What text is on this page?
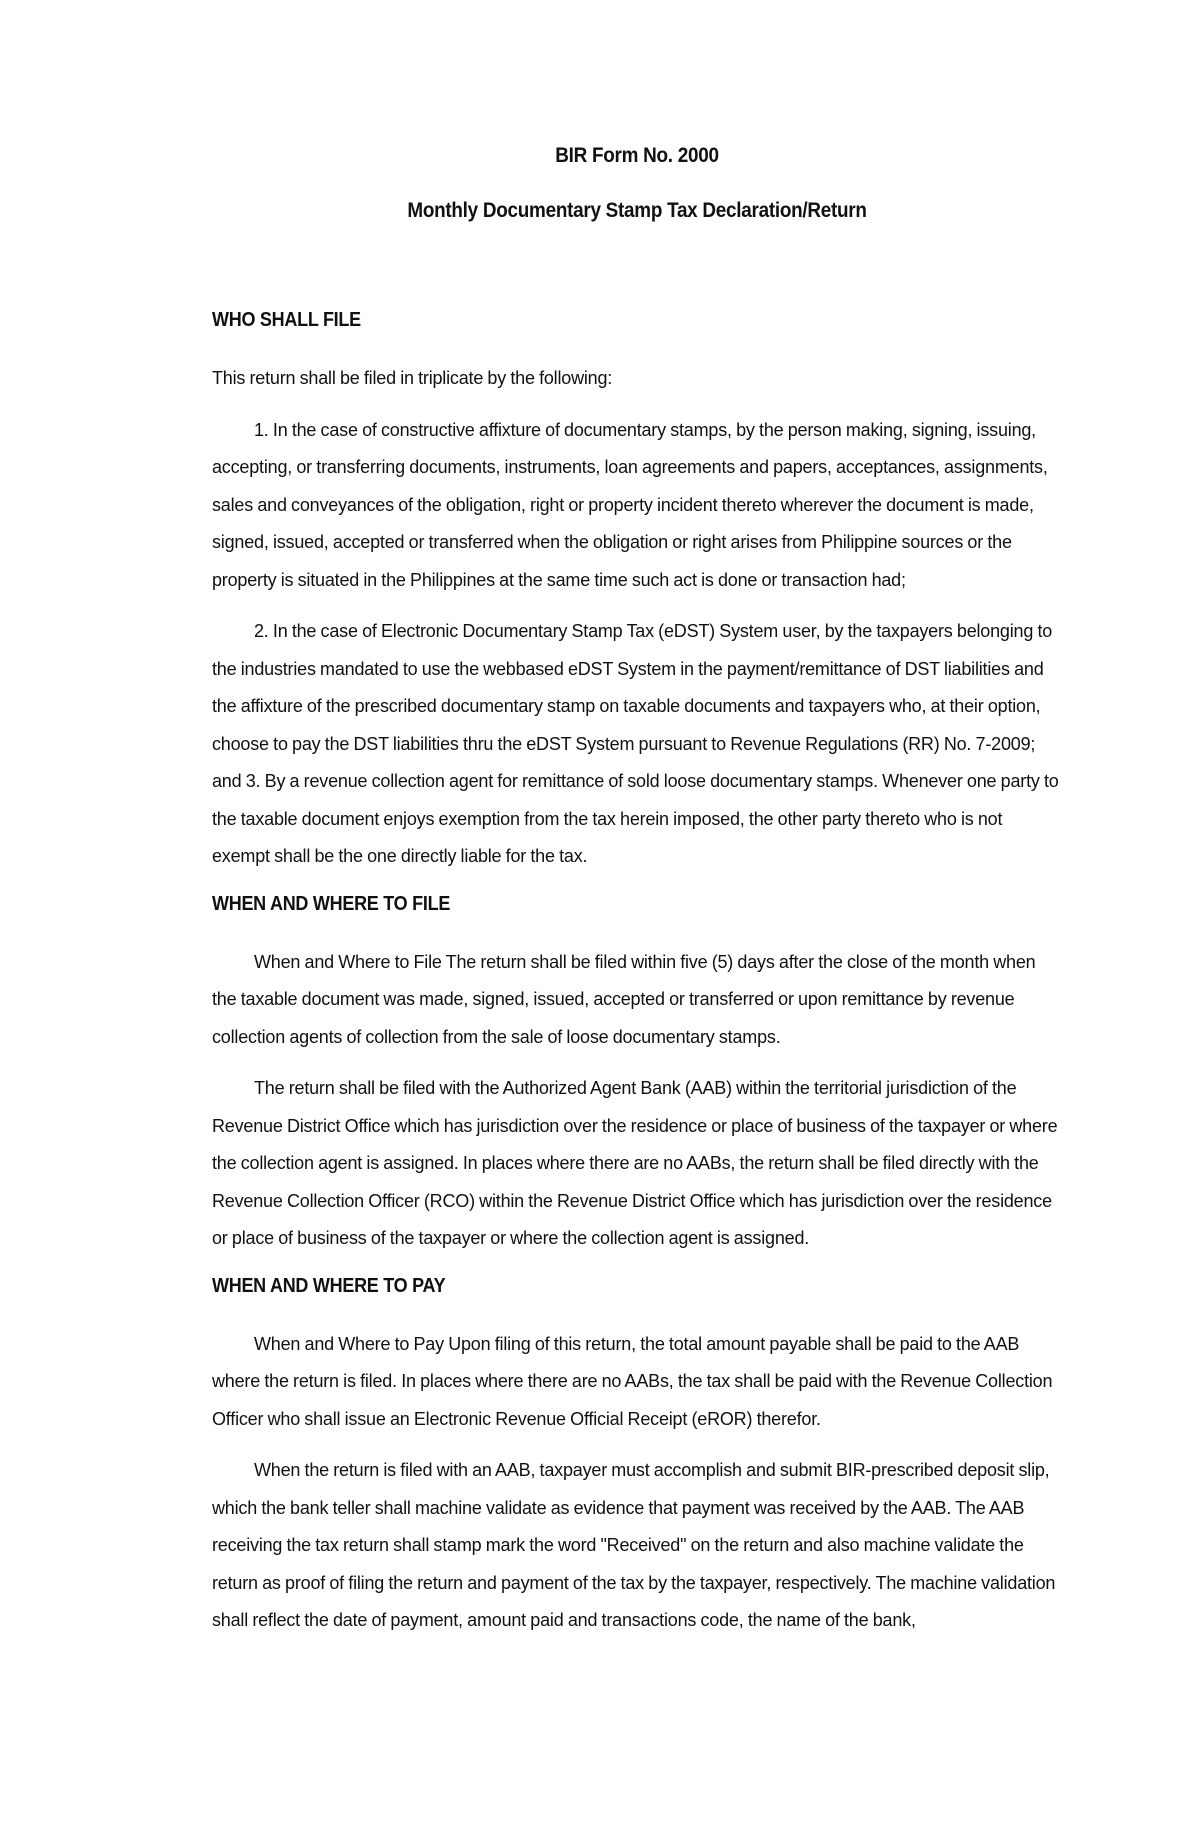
BIR Form No. 2000
Monthly Documentary Stamp Tax Declaration/Return
WHO SHALL FILE

This return shall be filed in triplicate by the following:

1. In the case of constructive affixture of documentary stamps, by the person making, signing, issuing, accepting, or transferring documents, instruments, loan agreements and papers, acceptances, assignments, sales and conveyances of the obligation, right or property incident thereto wherever the document is made, signed, issued, accepted or transferred when the obligation or right arises from Philippine sources or the property is situated in the Philippines at the same time such act is done or transaction had;

2. In the case of Electronic Documentary Stamp Tax (eDST) System user, by the taxpayers belonging to the industries mandated to use the webbased eDST System in the payment/remittance of DST liabilities and the affixture of the prescribed documentary stamp on taxable documents and taxpayers who, at their option, choose to pay the DST liabilities thru the eDST System pursuant to Revenue Regulations (RR) No. 7-2009; and 3. By a revenue collection agent for remittance of sold loose documentary stamps. Whenever one party to the taxable document enjoys exemption from the tax herein imposed, the other party thereto who is not exempt shall be the one directly liable for the tax.

WHEN AND WHERE TO FILE

When and Where to File The return shall be filed within five (5) days after the close of the month when the taxable document was made, signed, issued, accepted or transferred or upon remittance by revenue collection agents of collection from the sale of loose documentary stamps.

The return shall be filed with the Authorized Agent Bank (AAB) within the territorial jurisdiction of the Revenue District Office which has jurisdiction over the residence or place of business of the taxpayer or where the collection agent is assigned. In places where there are no AABs, the return shall be filed directly with the Revenue Collection Officer (RCO) within the Revenue District Office which has jurisdiction over the residence or place of business of the taxpayer or where the collection agent is assigned.

WHEN AND WHERE TO PAY

When and Where to Pay Upon filing of this return, the total amount payable shall be paid to the AAB where the return is filed. In places where there are no AABs, the tax shall be paid with the Revenue Collection Officer who shall issue an Electronic Revenue Official Receipt (eROR) therefor.

When the return is filed with an AAB, taxpayer must accomplish and submit BIR-prescribed deposit slip, which the bank teller shall machine validate as evidence that payment was received by the AAB. The AAB receiving the tax return shall stamp mark the word "Received" on the return and also machine validate the return as proof of filing the return and payment of the tax by the taxpayer, respectively. The machine validation shall reflect the date of payment, amount paid and transactions code, the name of the bank,
